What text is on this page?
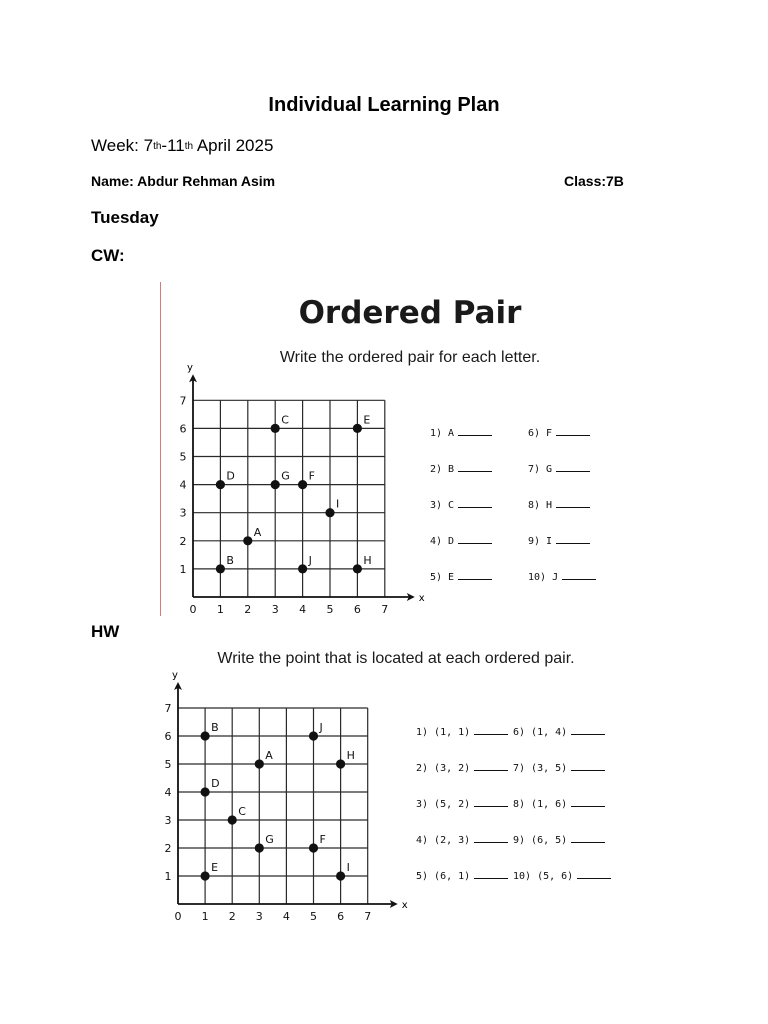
Individual Learning Plan
Week: 7th-11th April 2025
Name: Abdur Rehman Asim	Class:7B
Tuesday
CW:
Ordered Pair
Write the ordered pair for each letter.
x
y
0 1 2 3 4 5 6 7
1
2
3
4
5
6
7
A
B
C
D
E
F
G
H
I
J
1) A
2) B
3) C
4) D
5) E
6) F
7) G
8) H
9) I
10) J
HW
Write the point that is located at each ordered pair.
x
y
0 1 2 3 4 5 6 7
1
2
3
4
5
6
7
A
B
C
D
E
F
G
H
I
J	1) (1, 1)
2) (3, 2)
3) (5, 2)
4) (2, 3)
5) (6, 1)
6) (1, 4)
7) (3, 5)
8) (1, 6)
9) (6, 5)
10) (5, 6)
